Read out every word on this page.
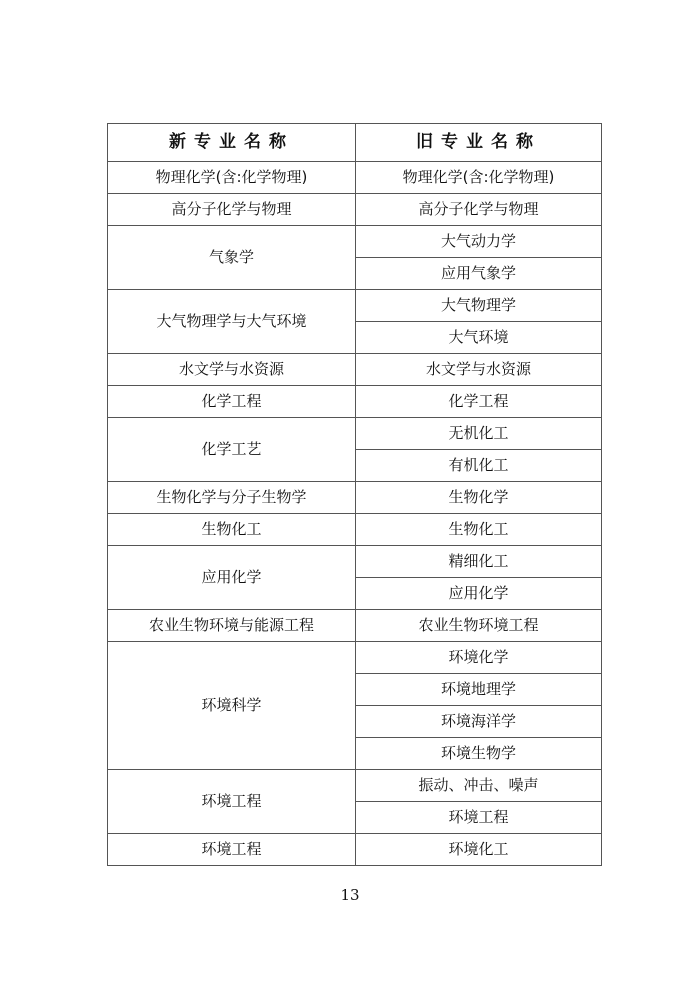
新专业名称	旧专业名称
物理化学(含:化学物理)	物理化学(含:化学物理)
高分子化学与物理	高分子化学与物理
气象学	大气动力学
	应用气象学
大气物理学与大气环境	大气物理学
	大气环境
水文学与水资源	水文学与水资源
化学工程	化学工程
化学工艺	无机化工
	有机化工
生物化学与分子生物学	生物化学
生物化工	生物化工
应用化学	精细化工
	应用化学
农业生物环境与能源工程	农业生物环境工程
环境科学	环境化学
	环境地理学
	环境海洋学
	环境生物学
环境工程	振动、冲击、噪声
	环境工程
环境工程	环境化工
13
